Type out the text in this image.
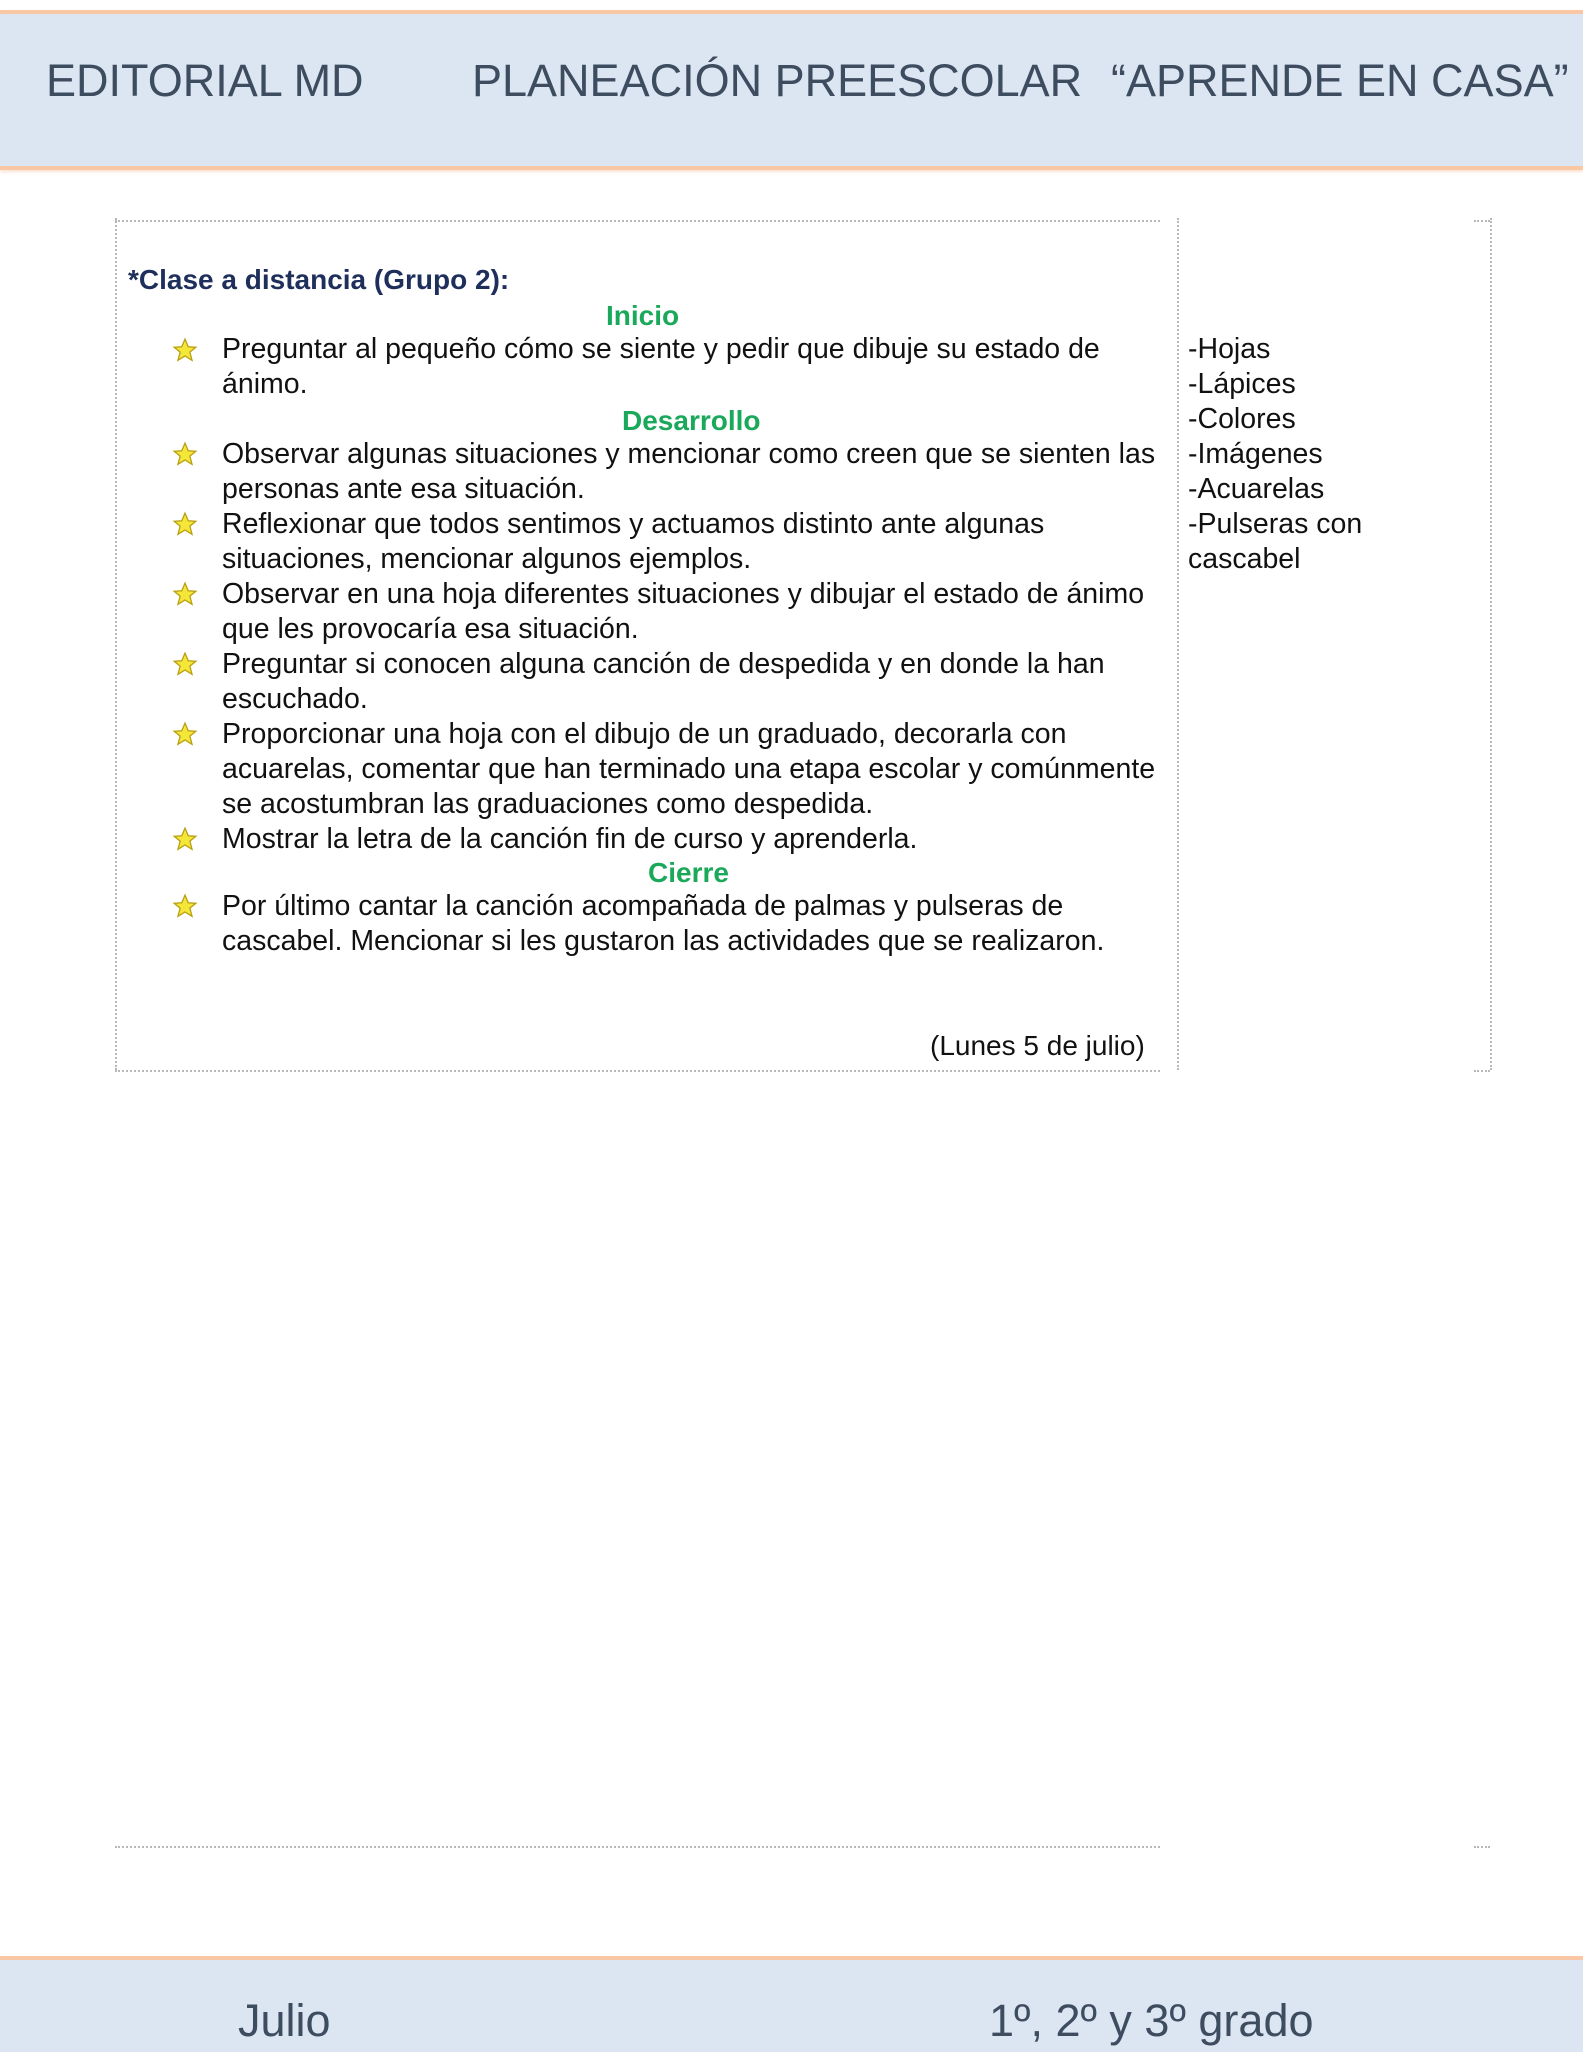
EDITORIAL MD PLANEACIÓN PREESCOLAR “APRENDE EN CASA”
*Clase a distancia (Grupo 2):
Inicio
Preguntar al pequeño cómo se siente y pedir que dibuje su estado de ánimo.
Desarrollo
Observar algunas situaciones y mencionar como creen que se sienten las personas ante esa situación.
Reflexionar que todos sentimos y actuamos distinto ante algunas situaciones, mencionar algunos ejemplos.
Observar en una hoja diferentes situaciones y dibujar el estado de ánimo que les provocaría esa situación.
Preguntar si conocen alguna canción de despedida y en donde la han escuchado.
Proporcionar una hoja con el dibujo de un graduado, decorarla con acuarelas, comentar que han terminado una etapa escolar y comúnmente se acostumbran las graduaciones como despedida.
Mostrar la letra de la canción fin de curso y aprenderla.
Cierre
Por último cantar la canción acompañada de palmas y pulseras de cascabel. Mencionar si les gustaron las actividades que se realizaron.
(Lunes 5 de julio)
-Hojas
-Lápices
-Colores
-Imágenes
-Acuarelas
-Pulseras con
cascabel
Julio	1º, 2º y 3º grado
